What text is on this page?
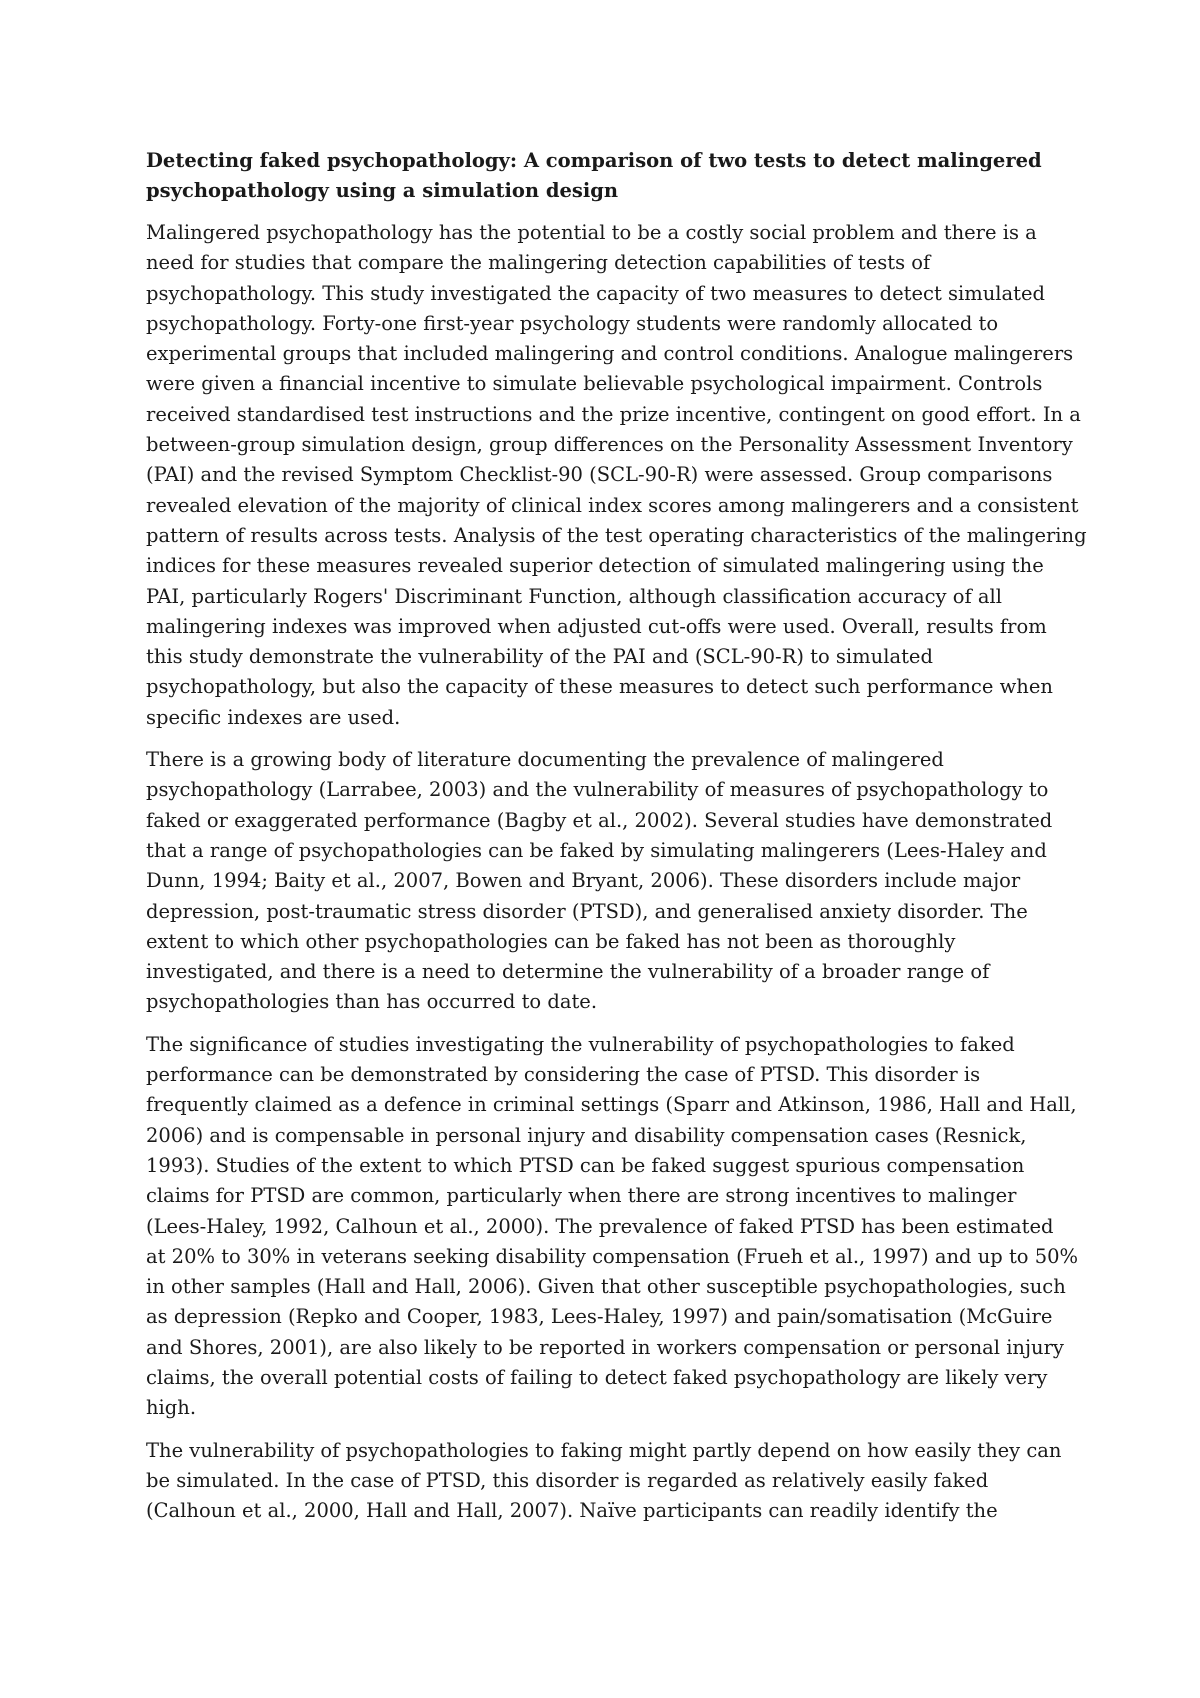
Detecting faked psychopathology: A comparison of two tests to detect malingered
psychopathology using a simulation design

Malingered psychopathology has the potential to be a costly social problem and there is a
need for studies that compare the malingering detection capabilities of tests of
psychopathology. This study investigated the capacity of two measures to detect simulated
psychopathology. Forty-one first-year psychology students were randomly allocated to
experimental groups that included malingering and control conditions. Analogue malingerers
were given a financial incentive to simulate believable psychological impairment. Controls
received standardised test instructions and the prize incentive, contingent on good effort. In a
between-group simulation design, group differences on the Personality Assessment Inventory
(PAI) and the revised Symptom Checklist-90 (SCL-90-R) were assessed. Group comparisons
revealed elevation of the majority of clinical index scores among malingerers and a consistent
pattern of results across tests. Analysis of the test operating characteristics of the malingering
indices for these measures revealed superior detection of simulated malingering using the
PAI, particularly Rogers' Discriminant Function, although classification accuracy of all
malingering indexes was improved when adjusted cut-offs were used. Overall, results from
this study demonstrate the vulnerability of the PAI and (SCL-90-R) to simulated
psychopathology, but also the capacity of these measures to detect such performance when
specific indexes are used.

There is a growing body of literature documenting the prevalence of malingered
psychopathology (Larrabee, 2003) and the vulnerability of measures of psychopathology to
faked or exaggerated performance (Bagby et al., 2002). Several studies have demonstrated
that a range of psychopathologies can be faked by simulating malingerers (Lees-Haley and
Dunn, 1994; Baity et al., 2007, Bowen and Bryant, 2006). These disorders include major
depression, post-traumatic stress disorder (PTSD), and generalised anxiety disorder. The
extent to which other psychopathologies can be faked has not been as thoroughly
investigated, and there is a need to determine the vulnerability of a broader range of
psychopathologies than has occurred to date.

The significance of studies investigating the vulnerability of psychopathologies to faked
performance can be demonstrated by considering the case of PTSD. This disorder is
frequently claimed as a defence in criminal settings (Sparr and Atkinson, 1986, Hall and Hall,
2006) and is compensable in personal injury and disability compensation cases (Resnick,
1993). Studies of the extent to which PTSD can be faked suggest spurious compensation
claims for PTSD are common, particularly when there are strong incentives to malinger
(Lees-Haley, 1992, Calhoun et al., 2000). The prevalence of faked PTSD has been estimated
at 20% to 30% in veterans seeking disability compensation (Frueh et al., 1997) and up to 50%
in other samples (Hall and Hall, 2006). Given that other susceptible psychopathologies, such
as depression (Repko and Cooper, 1983, Lees-Haley, 1997) and pain/somatisation (McGuire
and Shores, 2001), are also likely to be reported in workers compensation or personal injury
claims, the overall potential costs of failing to detect faked psychopathology are likely very
high.

The vulnerability of psychopathologies to faking might partly depend on how easily they can
be simulated. In the case of PTSD, this disorder is regarded as relatively easily faked
(Calhoun et al., 2000, Hall and Hall, 2007). Naïve participants can readily identify the
